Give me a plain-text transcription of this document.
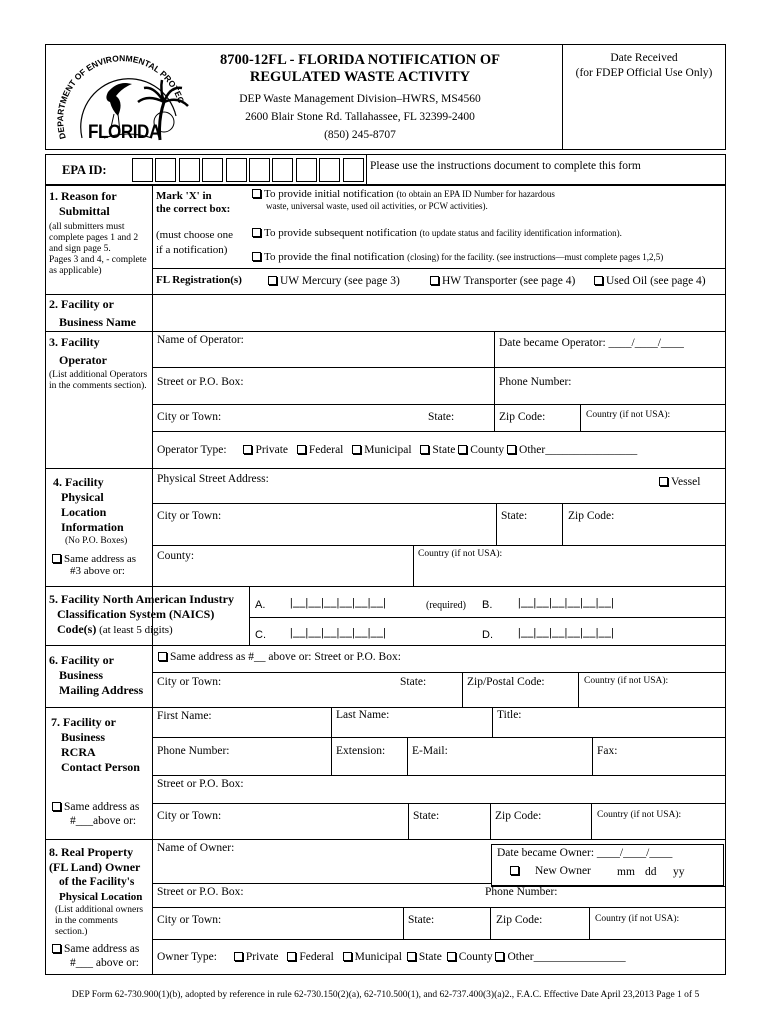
DEPARTMENT OF ENVIRONMENTAL PROTEC
FLORIDA
8700-12FL - FLORIDA NOTIFICATION OF
REGULATED WASTE ACTIVITY
DEP Waste Management Division–HWRS, MS4560
2600 Blair Stone Rd. Tallahassee, FL 32399-2400
(850) 245-8707
Date Received
(for FDEP Official Use Only)
EPA ID:	Please use the instructions document to complete this form
1. Reason for
Submittal
(all submitters must complete pages 1 and 2 and sign page 5.
Pages 3 and 4, - complete as applicable)
Mark 'X' in
the correct box:
(must choose one
if a notification)
To provide initial notification (to obtain an EPA ID Number for hazardous
waste, universal waste, used oil activities, or PCW activities).
To provide subsequent notification (to update status and facility identification information).
To provide the final notification (closing) for the facility. (see instructions—must complete pages 1,2,5)
FL Registration(s)	UW Mercury (see page 3)	HW Transporter (see page 4)	Used Oil (see page 4)
2. Facility or
Business Name
3. Facility
Operator
(List additional Operators in the comments section).
Name of Operator:	Date became Operator: ____/____/____
Street or P.O. Box:	Phone Number:
City or Town:	State:	Zip Code:	Country (if not USA):
Operator Type:	Private Federal Municipal State County Other________________
4. Facility
Physical
Location
Information
(No P.O. Boxes)
Same address as
#3 above or:
Physical Street Address:	Vessel
City or Town:	State:	Zip Code:
County:	Country (if not USA):
5. Facility North American Industry
Classification System (NAICS)
Code(s) (at least 5 digits)
A. |__|__|__|__|__|__|	(required) B. |__|__|__|__|__|__|
C. |__|__|__|__|__|__|	D. |__|__|__|__|__|__|
6. Facility or
Business
Mailing Address
Same address as #__ above or: Street or P.O. Box:
City or Town:	State:	Zip/Postal Code:	Country (if not USA):
7. Facility or
Business
RCRA
Contact Person
Same address as
#___above or:
First Name:	Last Name:	Title:
Phone Number:	Extension: E-Mail:	Fax:
Street or P.O. Box:
City or Town:	State:	Zip Code:	Country (if not USA):
8. Real Property
(FL Land) Owner
of the Facility's
Physical Location
(List additional owners in the comments section.)
Same address as
#___ above or:
Name of Owner:	Date became Owner: ____/____/____
New Owner mm dd yy
Street or P.O. Box:	Phone Number:
City or Town:	State:	Zip Code:	Country (if not USA):
Owner Type:	Private Federal Municipal State County Other________________
DEP Form 62-730.900(1)(b), adopted by reference in rule 62-730.150(2)(a), 62-710.500(1), and 62-737.400(3)(a)2., F.A.C. Effective Date April 23,2013 Page 1 of 5
